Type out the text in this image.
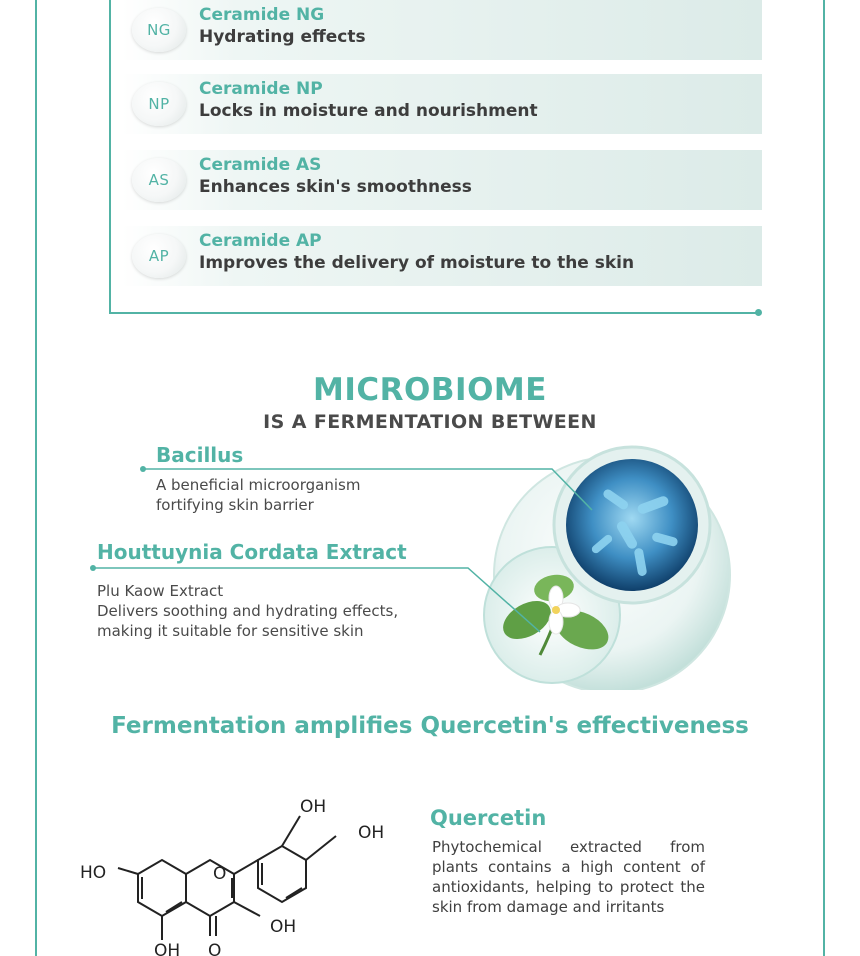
NG
Ceramide NG
Hydrating effects
NP
Ceramide NP
Locks in moisture and nourishment
AS
Ceramide AS
Enhances skin's smoothness
AP
Ceramide AP
Improves the delivery of moisture to the skin
MICROBIOME
IS A FERMENTATION BETWEEN
Bacillus
A beneficial microorganism
fortifying skin barrier
Houttuynia Cordata Extract
Plu Kaow Extract
Delivers soothing and hydrating effects,
making it suitable for sensitive skin
Fermentation amplifies Quercetin's effectiveness
OH
OH
HO	O
OH
OH O
Quercetin
Phytochemical extracted from plants contains a high content of antioxidants, helping to protect the skin from damage and irritants
